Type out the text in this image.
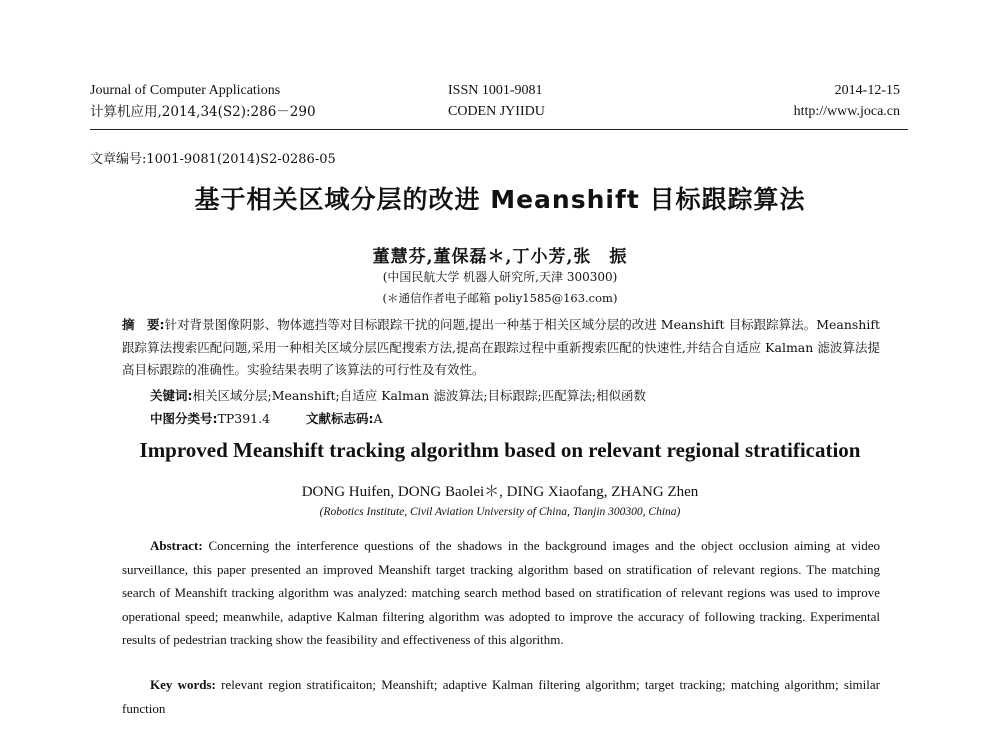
Journal of Computer Applications
计算机应用,2014,34(S2):286－290
ISSN 1001-9081
CODEN JYIIDU
2014-12-15
http://www.joca.cn
文章编号:1001-9081(2014)S2-0286-05
基于相关区域分层的改进 Meanshift 目标跟踪算法
董慧芬,董保磊＊,丁小芳,张　振
(中国民航大学 机器人研究所,天津 300300)
(＊通信作者电子邮箱 poliy1585@163.com)
摘　要:针对背景图像阴影、物体遮挡等对目标跟踪干扰的问题,提出一种基于相关区域分层的改进 Meanshift 目标跟踪算法。Meanshift 跟踪算法搜索匹配问题,采用一种相关区域分层匹配搜索方法,提高在跟踪过程中重新搜索匹配的快速性,并结合自适应 Kalman 滤波算法提高目标跟踪的准确性。实验结果表明了该算法的可行性及有效性。
关键词:相关区域分层;Meanshift;自适应 Kalman 滤波算法;目标跟踪;匹配算法;相似函数
中图分类号:TP391.4	文献标志码:A
Improved Meanshift tracking algorithm based on relevant regional stratification
DONG Huifen, DONG Baolei＊, DING Xiaofang, ZHANG Zhen
(Robotics Institute, Civil Aviation University of China, Tianjin 300300, China)
Abstract: Concerning the interference questions of the shadows in the background images and the object occlusion aiming at video surveillance, this paper presented an improved Meanshift target tracking algorithm based on stratification of relevant regions. The matching search of Meanshift tracking algorithm was analyzed: matching search method based on stratification of relevant regions was used to improve operational speed; meanwhile, adaptive Kalman filtering algorithm was adopted to improve the accuracy of following tracking. Experimental results of pedestrian tracking show the feasibility and effectiveness of this algorithm.
Key words: relevant region stratificaiton; Meanshift; adaptive Kalman filtering algorithm; target tracking; matching algorithm; similar function
